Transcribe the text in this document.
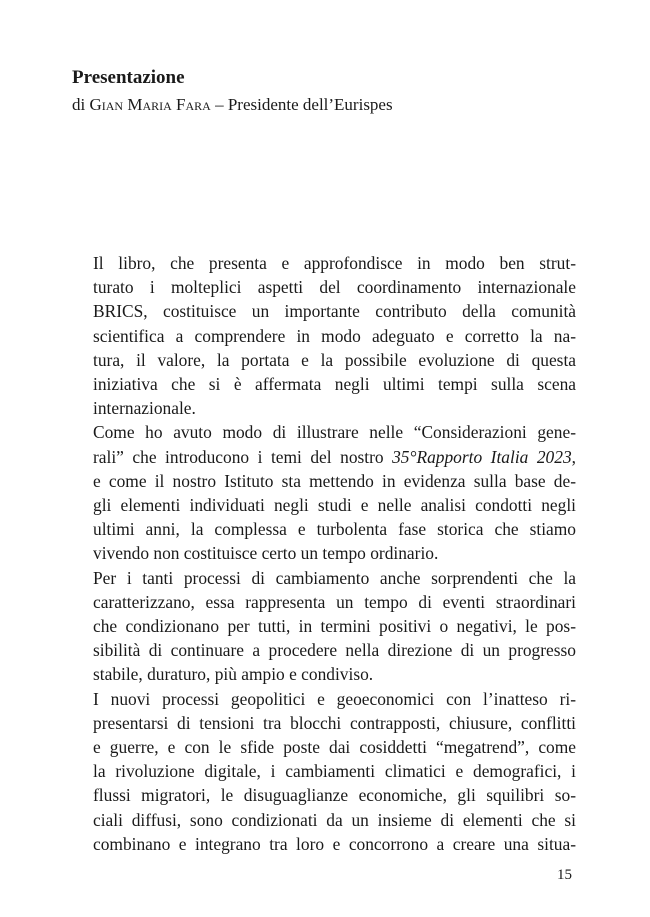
Presentazione
di Gian Maria Fara – Presidente dell’Eurispes

Il libro, che presenta e approfondisce in modo ben strut-
turato i molteplici aspetti del coordinamento internazionale
BRICS, costituisce un importante contributo della comunità
scientifica a comprendere in modo adeguato e corretto la na-
tura, il valore, la portata e la possibile evoluzione di questa
iniziativa che si è affermata negli ultimi tempi sulla scena
internazionale.

Come ho avuto modo di illustrare nelle “Considerazioni gene-
rali” che introducono i temi del nostro 35°Rapporto Italia 2023,
e come il nostro Istituto sta mettendo in evidenza sulla base de-
gli elementi individuati negli studi e nelle analisi condotti negli
ultimi anni, la complessa e turbolenta fase storica che stiamo
vivendo non costituisce certo un tempo ordinario.

Per i tanti processi di cambiamento anche sorprendenti che la
caratterizzano, essa rappresenta un tempo di eventi straordinari
che condizionano per tutti, in termini positivi o negativi, le pos-
sibilità di continuare a procedere nella direzione di un progresso
stabile, duraturo, più ampio e condiviso.

I nuovi processi geopolitici e geoeconomici con l’inatteso ri-
presentarsi di tensioni tra blocchi contrapposti, chiusure, conflitti
e guerre, e con le sfide poste dai cosiddetti “megatrend”, come
la rivoluzione digitale, i cambiamenti climatici e demografici, i
flussi migratori, le disuguaglianze economiche, gli squilibri so-
ciali diffusi, sono condizionati da un insieme di elementi che si
combinano e integrano tra loro e concorrono a creare una situa-

15
